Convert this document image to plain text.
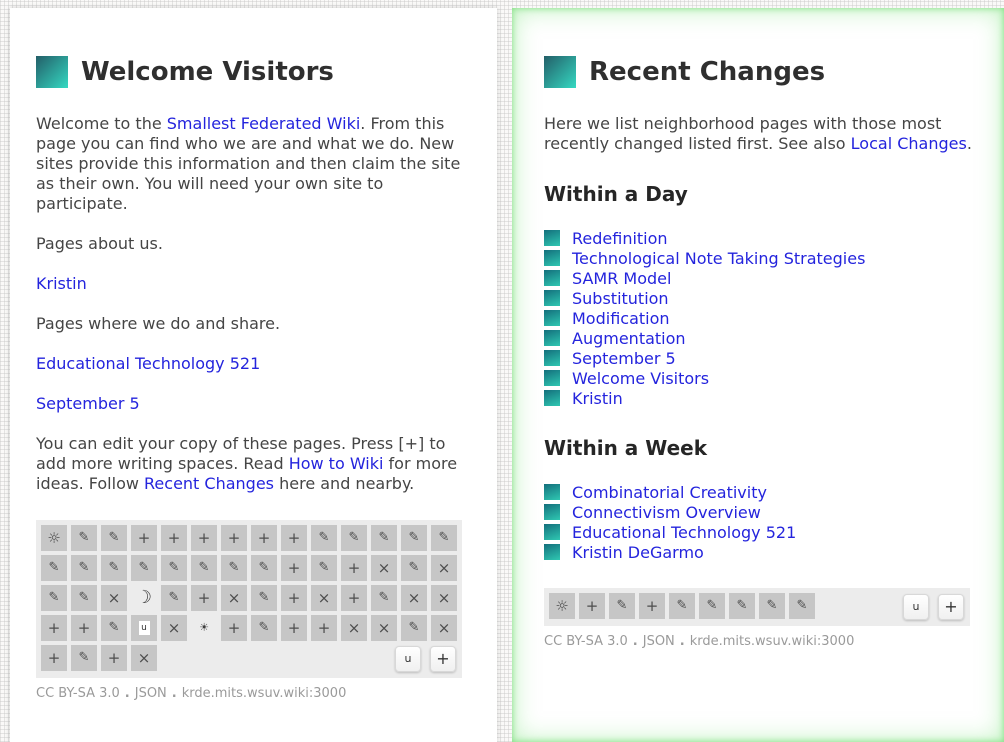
Welcome Visitors

Welcome to the Smallest Federated Wiki. From this page you can find who we are and what we do. New sites provide this information and then claim the site as their own. You will need your own site to participate.

Pages about us.

Kristin

Pages where we do and share.

Educational Technology 521

September 5

You can edit your copy of these pages. Press [+] to add more writing spaces. Read How to Wiki for more ideas. Follow Recent Changes here and nearby.

☼	✎	✎	+	+	+	+	+	+	✎	✎	✎	✎	✎
✎	✎	✎	✎	✎	✎	✎	✎	+	✎	+	×	✎	×
✎	✎	× ☽	✎	+	×	✎	+	×	+	✎	×	×
+	+	✎	u	×	☀	+	✎	+	+	×	×	✎	×
+	✎	+	×	u	+
CC BY-SA 3.0 . JSON . krde.mits.wsuv.wiki:3000
Recent Changes

Here we list neighborhood pages with those most recently changed listed first. See also Local Changes.

Within a Day
Redefinition
Technological Note Taking Strategies
SAMR Model
Substitution
Modification
Augmentation
September 5
Welcome Visitors
Kristin
Within a Week
Combinatorial Creativity
Connectivism Overview
Educational Technology 521
Kristin DeGarmo
☼	+	✎	+	✎	✎	✎	✎	✎	u	+
CC BY-SA 3.0 . JSON . krde.mits.wsuv.wiki:3000
